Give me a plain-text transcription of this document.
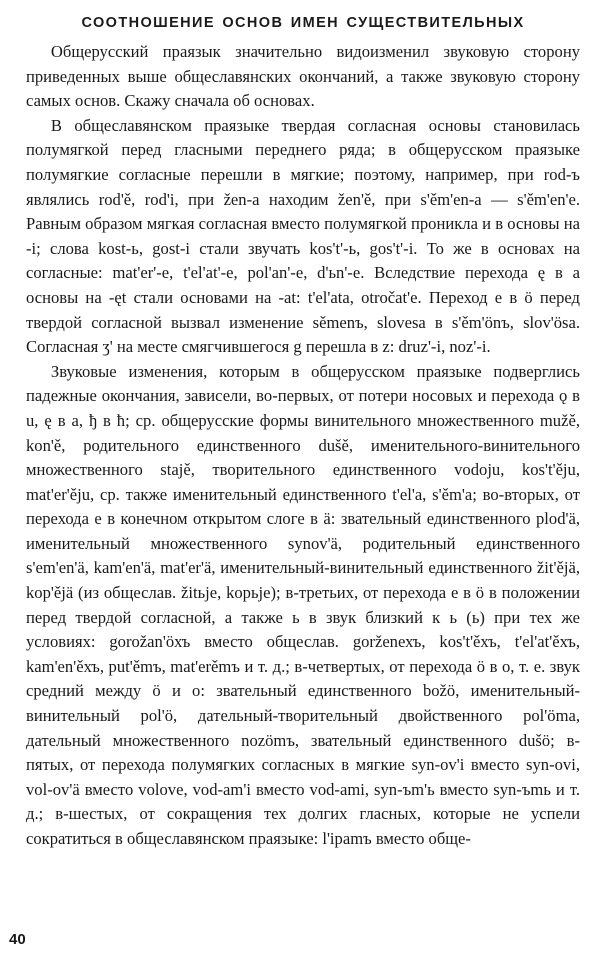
СООТНОШЕНИЕ ОСНОВ ИМЕН СУЩЕСТВИТЕЛЬНЫХ

Общерусский праязык значительно видоизменил звуковую сторону приведенных выше общеславянских окончаний, а также звуковую сторону самых основ. Скажу сначала об основах.

В общеславянском праязыке твердая согласная основы становилась полумягкой перед гласными переднего ряда; в общерусском праязыке полумягкие согласные перешли в мягкие; поэтому, например, при rod-ъ являлись rod'ě, rod'i, при žen-a находим žen'ě, при s'ěm'en-a — s'ěm'en'e. Равным образом мягкая согласная вместо полумягкой проникла и в основы на -i; слова kost-ь, gost-i стали звучать kos't'-ь, gos't'-i. То же в основах на согласные: mat'er'-e, t'el'at'-e, pol'an'-e, d'ьn'-e. Вследствие перехода ę в a основы на -ęt стали основами на -at: t'el'ata, otročat'e. Переход e в ö перед твердой согласной вызвал изменение sěmenъ, slovesa в s'ěm'önъ, slov'ösa. Согласная ʒ' на месте смягчившегося g перешла в z: druz'-i, noz'-i.

Звуковые изменения, которым в общерусском праязыке подверглись падежные окончания, зависели, во-первых, от потери носовых и перехода ǫ в u, ę в a, ђ в ћ; ср. общерусские формы винительного множественного mužě, kon'ě, родительного единственного dušě, именительного-винительного множественного stajě, творительного единственного vodoju, kos't'ěju, mat'er'ěju, ср. также именительный единственного t'el'a, s'ěm'a; во-вторых, от перехода e в конечном открытом слоге в ä: звательный единственного plod'ä, именительный множественного synov'ä, родительный единственного s'em'en'ä, kam'en'ä, mat'er'ä, именительный-винительный единственного žit'ějä, kop'ějä (из общеслав. žitьje, kopьje); в-третьих, от перехода e в ö в положении перед твердой согласной, а также ь в звук близкий к ь (ь) при тех же условиях: gorožan'öхъ вместо общеслав. gorženехъ, kos't'ěхъ, t'el'at'ěхъ, kam'en'ěхъ, put'ěmъ, mat'erěmъ и т. д.; в-четвертых, от перехода ö в o, т. е. звук средний между ö и o: звательный единственного božö, именительный-винительный pol'ö, дательный-творительный двойственного pol'öma, дательный множественного nozömъ, звательный единственного dušö; в-пятых, от перехода полумягких согласных в мягкие syn-ov'i вместо syn-ovi, vol-ov'ä вместо volove, vod-am'i вместо vod-ami, syn-ъm'ь вместо syn-ъmь и т. д.; в-шестых, от сокращения тех долгих гласных, которые не успели сократиться в общеславянском праязыке: l'ipamъ вместо обще-

40
